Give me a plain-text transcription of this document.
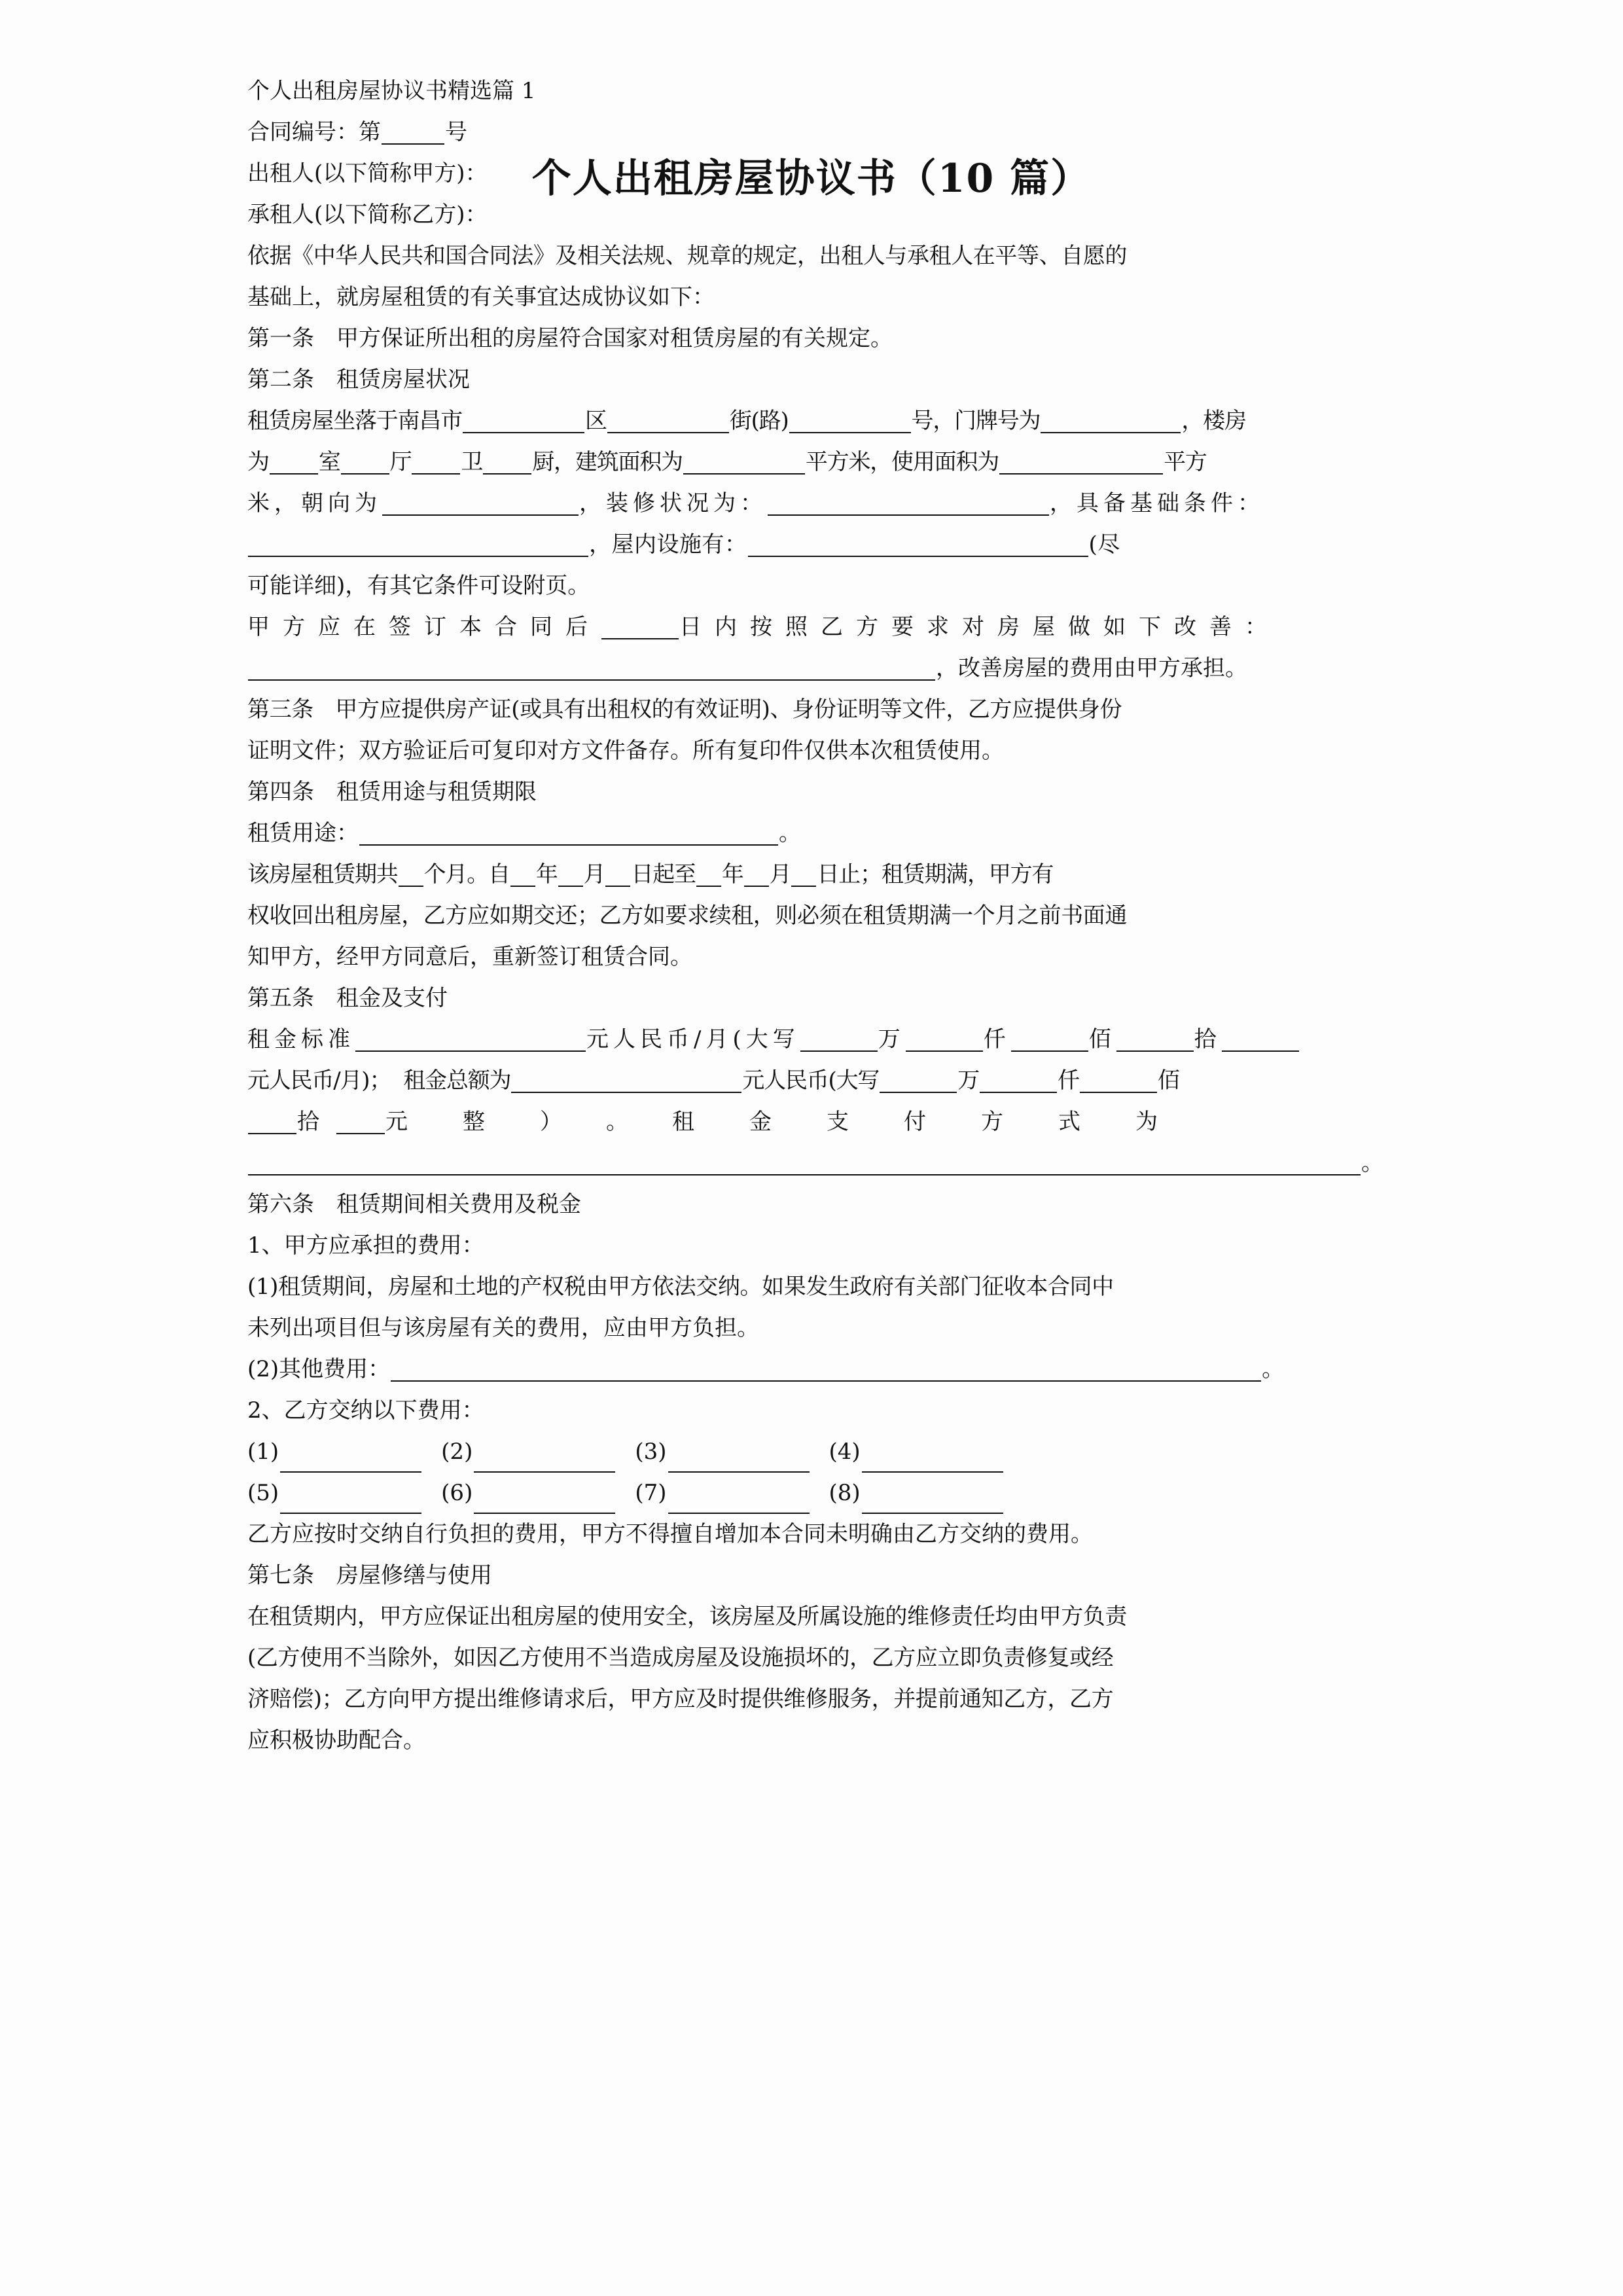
个人出租房屋协议书（10 篇）
个人出租房屋协议书精选篇 1
合同编号：第	号
出租人(以下简称甲方)：
承租人(以下简称乙方)：
依据《中华人民共和国合同法》及相关法规、规章的规定，出租人与承租人在平等、自愿的
基础上，就房屋租赁的有关事宜达成协议如下：
第一条　甲方保证所出租的房屋符合国家对租赁房屋的有关规定。
第二条　租赁房屋状况
租赁房屋坐落于南昌市	区	街(路)	号，门牌号为	，楼房
为 室 厅 卫 厨，建筑面积为	平方米，使用面积为	平方
米，朝向为	，装修状况为：	，具备基础条件：
，屋内设施有：	(尽
可能详细)，有其它条件可设附页。
甲方应在签订本合同后	日内按照乙方要求对房屋做如下改善：
，改善房屋的费用由甲方承担。
第三条　甲方应提供房产证(或具有出租权的有效证明)、身份证明等文件，乙方应提供身份
证明文件；双方验证后可复印对方文件备存。所有复印件仅供本次租赁使用。
第四条　租赁用途与租赁期限
租赁用途：	。
该房屋租赁期共 个月。自 年 月 日起至 年 月 日止；租赁期满，甲方有
权收回出租房屋，乙方应如期交还；乙方如要求续租，则必须在租赁期满一个月之前书面通
知甲方，经甲方同意后，重新签订租赁合同。
第五条　租金及支付
租金标准	元人民币/月(大写	万	仟	佰	拾
元人民币/月)；  租金总额为	元人民币(大写	万	仟	佰
拾 元　整　）　。　租　金　支　付　方　式　为
。
第六条　租赁期间相关费用及税金
1、甲方应承担的费用：
(1)租赁期间，房屋和土地的产权税由甲方依法交纳。如果发生政府有关部门征收本合同中
未列出项目但与该房屋有关的费用，应由甲方负担。
(2)其他费用：	。
2、乙方交纳以下费用：
(1)	(2)	(3)	(4)
(5)	(6)	(7)	(8)
乙方应按时交纳自行负担的费用，甲方不得擅自增加本合同未明确由乙方交纳的费用。
第七条　房屋修缮与使用
在租赁期内，甲方应保证出租房屋的使用安全，该房屋及所属设施的维修责任均由甲方负责
(乙方使用不当除外，如因乙方使用不当造成房屋及设施损坏的，乙方应立即负责修复或经
济赔偿)；乙方向甲方提出维修请求后，甲方应及时提供维修服务，并提前通知乙方，乙方
应积极协助配合。
